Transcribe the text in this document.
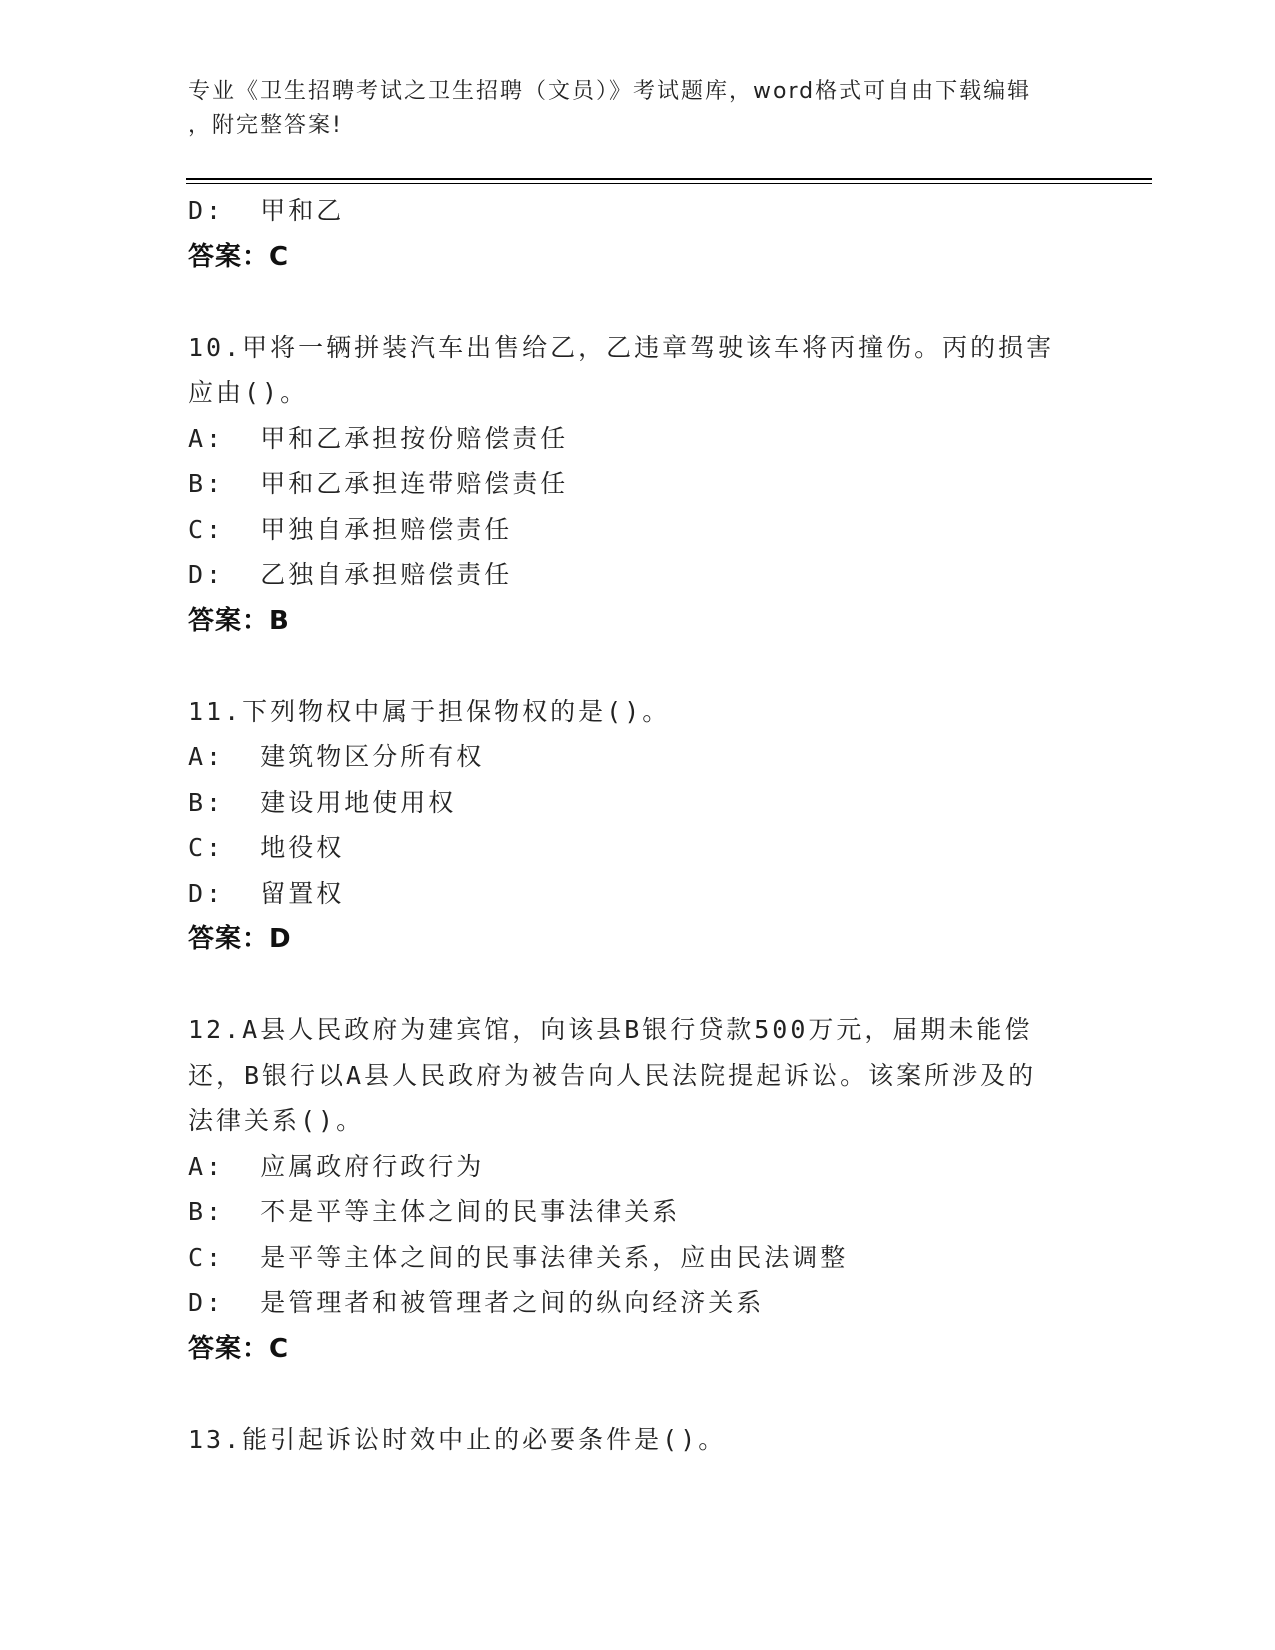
专业《卫生招聘考试之卫生招聘（文员）》考试题库，word格式可自由下载编辑
，附完整答案!
D:  甲和乙
答案：C
10.甲将一辆拼装汽车出售给乙，乙违章驾驶该车将丙撞伤。丙的损害
应由()。
A:  甲和乙承担按份赔偿责任
B:  甲和乙承担连带赔偿责任
C:  甲独自承担赔偿责任
D:  乙独自承担赔偿责任
答案：B
11.下列物权中属于担保物权的是()。
A:  建筑物区分所有权
B:  建设用地使用权
C:  地役权
D:  留置权
答案：D
12.A县人民政府为建宾馆，向该县B银行贷款500万元，届期未能偿
还，B银行以A县人民政府为被告向人民法院提起诉讼。该案所涉及的
法律关系()。
A:  应属政府行政行为
B:  不是平等主体之间的民事法律关系
C:  是平等主体之间的民事法律关系，应由民法调整
D:  是管理者和被管理者之间的纵向经济关系
答案：C
13.能引起诉讼时效中止的必要条件是()。
